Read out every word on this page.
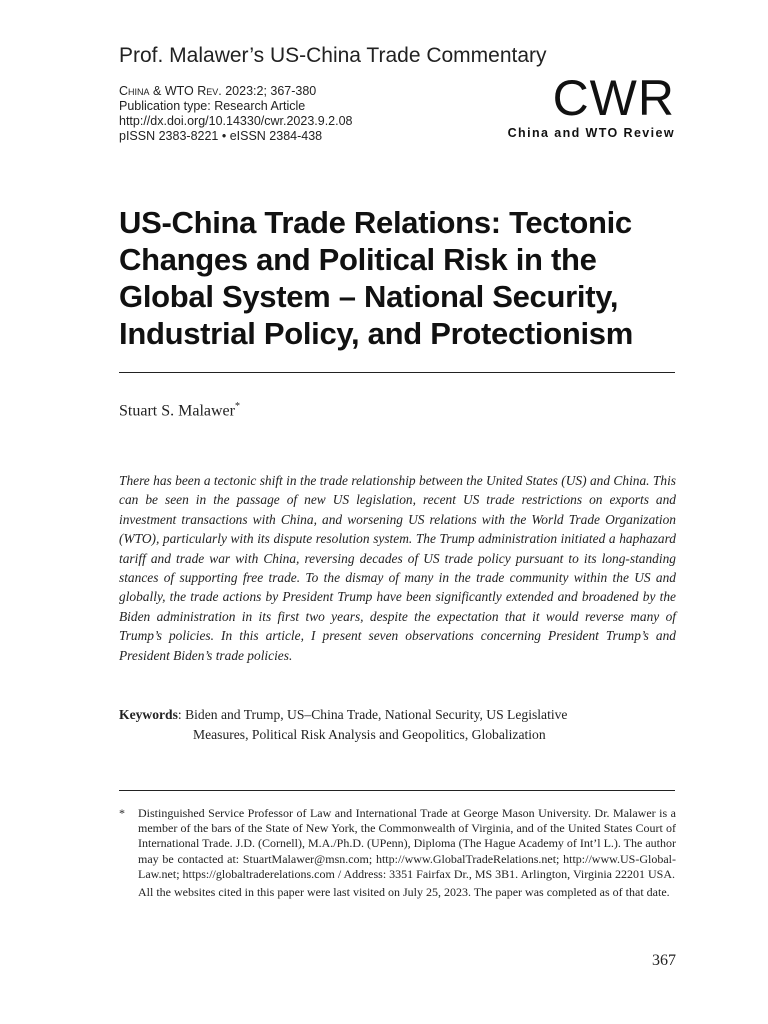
Prof. Malawer’s US-China Trade Commentary
China & WTO Rev. 2023:2; 367-380
Publication type: Research Article
http://dx.doi.org/10.14330/cwr.2023.9.2.08
pISSN 2383-8221 • eISSN 2384-438
CWR
China and WTO Review
US-China Trade Relations: Tectonic
Changes and Political Risk in the
Global System – National Security,
Industrial Policy, and Protectionism
Stuart S. Malawer*
There has been a tectonic shift in the trade relationship between the United States (US) and China. This can be seen in the passage of new US legislation, recent US trade restrictions on exports and investment transactions with China, and worsening US relations with the World Trade Organization (WTO), particularly with its dispute resolution system. The Trump administration initiated a haphazard tariff and trade war with China, reversing decades of US trade policy pursuant to its long-standing stances of supporting free trade. To the dismay of many in the trade community within the US and globally, the trade actions by President Trump have been significantly extended and broadened by the Biden administration in its first two years, despite the expectation that it would reverse many of Trump’s policies. In this article, I present seven observations concerning President Trump’s and President Biden’s trade policies.
Keywords: Biden and Trump, US–China Trade, National Security, US Legislative
Measures, Political Risk Analysis and Geopolitics, Globalization
*	Distinguished Service Professor of Law and International Trade at George Mason University. Dr. Malawer is a member of the bars of the State of New York, the Commonwealth of Virginia, and of the United States Court of International Trade. J.D. (Cornell), M.A./Ph.D. (UPenn), Diploma (The Hague Academy of Int’l L.). The author may be contacted at: StuartMalawer@msn.com; http://www.GlobalTradeRelations.net; http://www.US-Global-Law.net; https://globaltraderelations.com / Address: 3351 Fairfax Dr., MS 3B1. Arlington, Virginia 22201 USA.
All the websites cited in this paper were last visited on July 25, 2023. The paper was completed as of that date.
367
